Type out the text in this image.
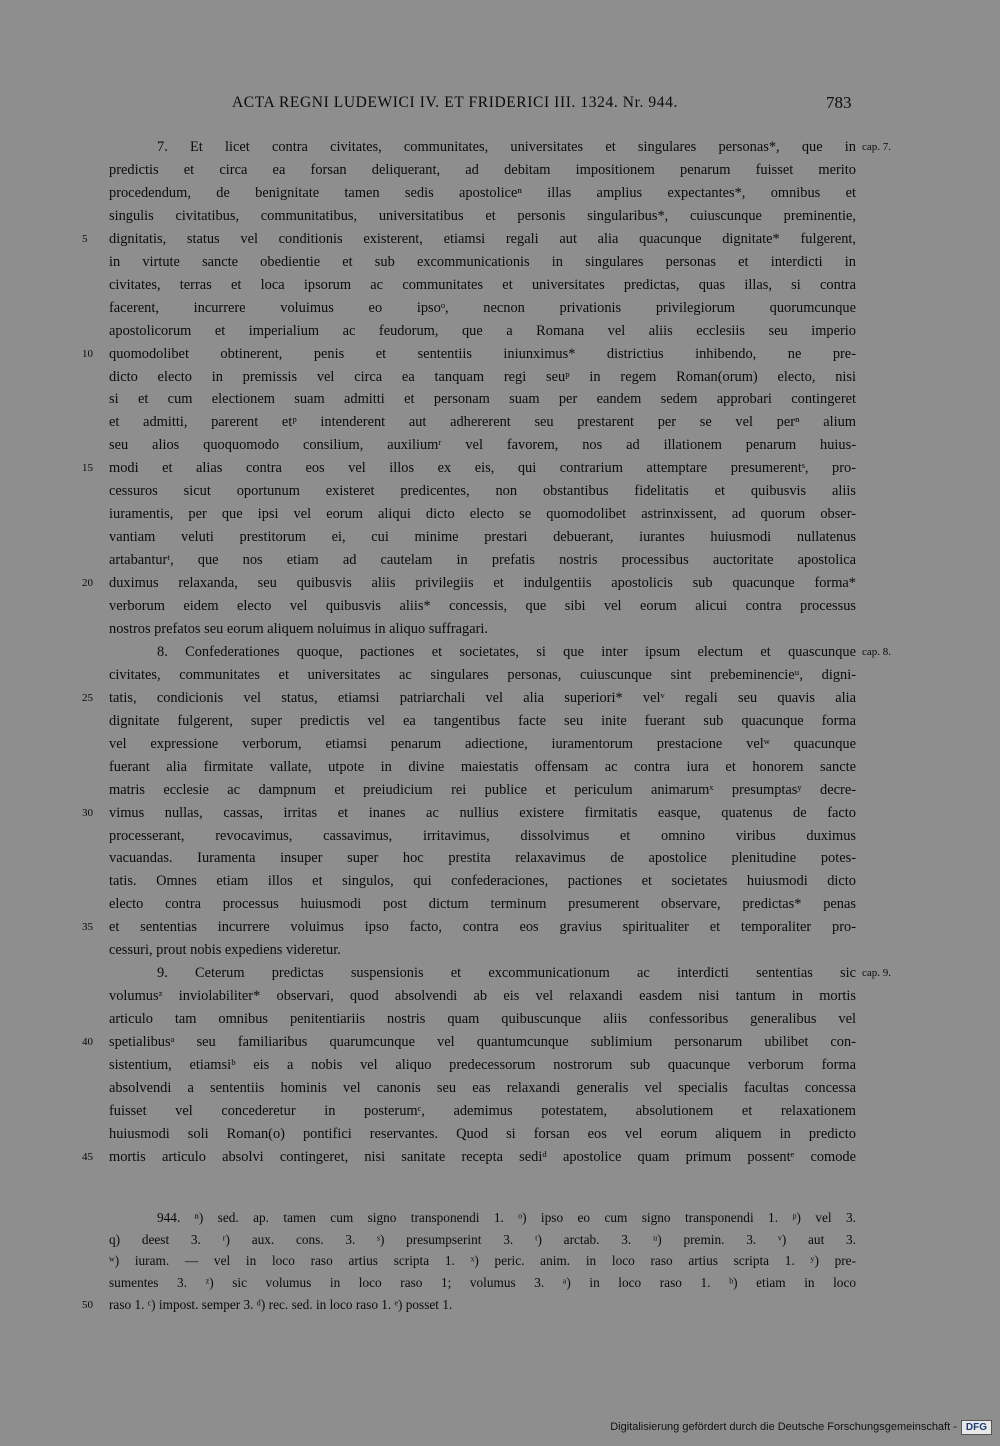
ACTA REGNI LUDEWICI IV. ET FRIDERICI III. 1324. Nr. 944.	783
7. Et licet contra civitates, communitates, universitates et singulares personas*, que in cap. 7.
predictis et circa ea forsan deliquerant, ad debitam impositionem penarum fuisset merito
procedendum, de benignitate tamen sedis apostoliceⁿ illas amplius expectantes*, omnibus et
singulis civitatibus, communitatibus, universitatibus et personis singularibus*, cuiuscunque preminentie,
dignitatis, status vel conditionis existerent, etiamsi regali aut alia quacunque dignitate* fulgerent,
5
in virtute sancte obedientie et sub excommunicationis in singulares personas et interdicti in
civitates, terras et loca ipsorum ac communitates et universitates predictas, quas illas, si contra
facerent, incurrere voluimus eo ipsoᵒ, necnon privationis privilegiorum quorumcunque
apostolicorum et imperialium ac feudorum, que a Romana vel aliis ecclesiis seu imperio
quomodolibet obtinerent, penis et sententiis iniunximus* districtius inhibendo, ne pre-
10
dicto electo in premissis vel circa ea tanquam regi seuᵖ in regem Roman(orum) electo, nisi
si et cum electionem suam admitti et personam suam per eandem sedem approbari contingeret
et admitti, parerent etᵖ intenderent aut adhererent seu prestarent per se vel perⁿ alium
seu alios quoquomodo consilium, auxiliumʳ vel favorem, nos ad illationem penarum huius-
modi et alias contra eos vel illos ex eis, qui contrarium attemptare presumerentˢ, pro-
15
cessuros sicut oportunum existeret predicentes, non obstantibus fidelitatis et quibusvis aliis
iuramentis, per que ipsi vel eorum aliqui dicto electo se quomodolibet astrinxissent, ad quorum obser-
vantiam veluti prestitorum ei, cui minime prestari debuerant, iurantes huiusmodi nullatenus
artabanturᵗ, que nos etiam ad cautelam in prefatis nostris processibus auctoritate apostolica
duximus relaxanda, seu quibusvis aliis privilegiis et indulgentiis apostolicis sub quacunque forma*
20
verborum eidem electo vel quibusvis aliis* concessis, que sibi vel eorum alicui contra processus
nostros prefatos seu eorum aliquem noluimus in aliquo suffragari.
8. Confederationes quoque, pactiones et societates, si que inter ipsum electum et quascunque cap. 8.
civitates, communitates et universitates ac singulares personas, cuiuscunque sint prebeminencieᵘ, digni-
tatis, condicionis vel status, etiamsi patriarchali vel alia superiori* velᵛ regali seu quavis alia
25
dignitate fulgerent, super predictis vel ea tangentibus facte seu inite fuerant sub quacunque forma
vel expressione verborum, etiamsi penarum adiectione, iuramentorum prestacione velʷ quacunque
fuerant alia firmitate vallate, utpote in divine maiestatis offensam ac contra iura et honorem sancte
matris ecclesie ac dampnum et preiudicium rei publice et periculum animarumˣ presumptasʸ decre-
vimus nullas, cassas, irritas et inanes ac nullius existere firmitatis easque, quatenus de facto
30
processerant, revocavimus, cassavimus, irritavimus, dissolvimus et omnino viribus duximus
vacuandas. Iuramenta insuper super hoc prestita relaxavimus de apostolice plenitudine potes-
tatis. Omnes etiam illos et singulos, qui confederaciones, pactiones et societates huiusmodi dicto
electo contra processus huiusmodi post dictum terminum presumerent observare, predictas* penas
et sententias incurrere voluimus ipso facto, contra eos gravius spiritualiter et temporaliter pro-
35
cessuri, prout nobis expediens videretur.
9. Ceterum predictas suspensionis et excommunicationum ac interdicti sententias sic cap. 9.
volumusᶻ inviolabiliter* observari, quod absolvendi ab eis vel relaxandi easdem nisi tantum in mortis
articulo tam omnibus penitentiariis nostris quam quibuscunque aliis confessoribus generalibus vel
spetialibusᵃ seu familiaribus quarumcunque vel quantumcunque sublimium personarum ubilibet con-
40
sistentium, etiamsiᵇ eis a nobis vel aliquo predecessorum nostrorum sub quacunque verborum forma
absolvendi a sententiis hominis vel canonis seu eas relaxandi generalis vel specialis facultas concessa
fuisset vel concederetur in posterumᶜ, ademimus potestatem, absolutionem et relaxationem
huiusmodi soli Roman(o) pontifici reservantes. Quod si forsan eos vel eorum aliquem in predicto
mortis articulo absolvi contingeret, nisi sanitate recepta sediᵈ apostolice quam primum possentᵉ comode
45
944. ⁿ) sed. ap. tamen cum signo transponendi 1. ᵒ) ipso eo cum signo transponendi 1. ᵖ) vel 3.
q) deest 3. ʳ) aux. cons. 3. ˢ) presumpserint 3. ᵗ) arctab. 3. ᵘ) premin. 3. ᵛ) aut 3.
ʷ) iuram. — vel in loco raso artius scripta 1. ˣ) peric. anim. in loco raso artius scripta 1. ʸ) pre-
sumentes 3. ᶻ) sic volumus in loco raso 1; volumus 3. ᵃ) in loco raso 1. ᵇ) etiam in loco
raso 1. ᶜ) impost. semper 3. ᵈ) rec. sed. in loco raso 1. ᵉ) posset 1.
50
Digitalisierung gefördert durch die Deutsche Forschungsgemeinschaft - DFG
